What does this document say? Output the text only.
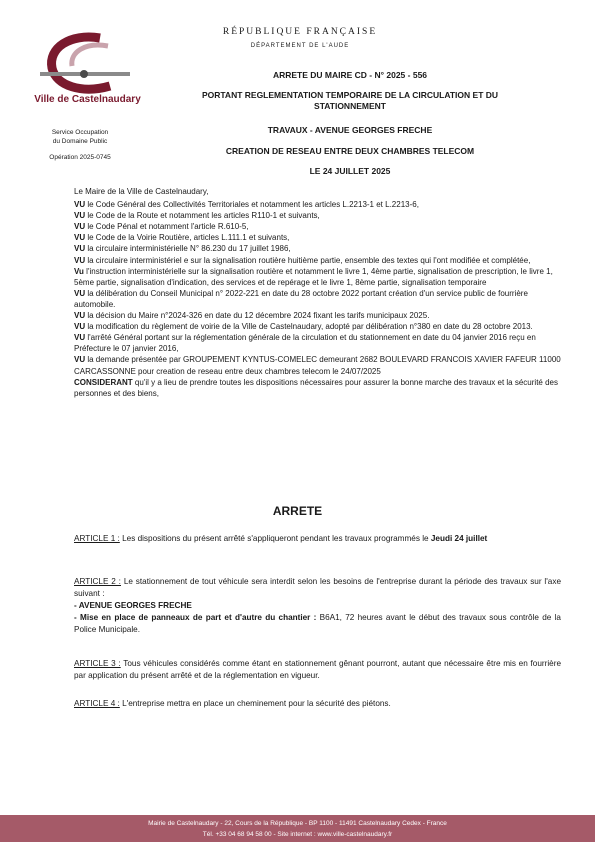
Ville de Castelnaudary
Service Occupation
du Domaine Public
Opération 2025-0745
RÉPUBLIQUE FRANÇAISE
DÉPARTEMENT DE L'AUDE
ARRETE DU MAIRE CD - N° 2025 - 556
PORTANT REGLEMENTATION TEMPORAIRE DE LA CIRCULATION ET DU
STATIONNEMENT
TRAVAUX - AVENUE GEORGES FRECHE
CREATION DE RESEAU ENTRE DEUX CHAMBRES TELECOM
LE 24 JUILLET 2025

Le Maire de la Ville de Castelnaudary,

VU le Code Général des Collectivités Territoriales et notamment les articles L.2213-1 et L.2213-6,

VU le Code de la Route et notamment les articles R110-1 et suivants,

VU le Code Pénal et notamment l'article R.610-5,

VU le Code de la Voirie Routière, articles L.111.1 et suivants,

VU la circulaire interministérielle N° 86.230 du 17 juillet 1986,

VU la circulaire interministériel e sur la signalisation routière huitième partie, ensemble des textes qui l'ont modifiée et complétée,

Vu l'instruction interministérielle sur la signalisation routière et notamment le livre 1, 4ème partie, signalisation de prescription, le livre 1, 5ème partie, signalisation d'indication, des services et de repérage et le livre 1, 8ème partie, signalisation temporaire

VU la délibération du Conseil Municipal n° 2022-221 en date du 28 octobre 2022 portant création d'un service public de fourrière automobile.

VU la décision du Maire n°2024-326 en date du 12 décembre 2024 fixant les tarifs municipaux 2025.

VU la modification du règlement de voirie de la Ville de Castelnaudary, adopté par délibération n°380 en date du 28 octobre 2013.

VU l'arrêté Général portant sur la réglementation générale de la circulation et du stationnement en date du 04 janvier 2016 reçu en Préfecture le 07 janvier 2016,

VU la demande présentée par GROUPEMENT KYNTUS-COMELEC demeurant 2682 BOULEVARD FRANCOIS XAVIER FAFEUR 11000 CARCASSONNE pour creation de reseau entre deux chambres telecom le 24/07/2025

CONSIDERANT qu'il y a lieu de prendre toutes les dispositions nécessaires pour assurer la bonne marche des travaux et la sécurité des personnes et des biens,

ARRETE
ARTICLE 1 : Les dispositions du présent arrêté s'appliqueront pendant les travaux programmés le Jeudi 24 juillet
ARTICLE 2 : Le stationnement de tout véhicule sera interdit selon les besoins de l'entreprise durant la période des travaux sur l'axe suivant :
- AVENUE GEORGES FRECHE
- Mise en place de panneaux de part et d'autre du chantier : B6A1, 72 heures avant le début des travaux sous contrôle de la Police Municipale.
ARTICLE 3 : Tous véhicules considérés comme étant en stationnement gênant pourront, autant que nécessaire être mis en fourrière par application du présent arrêté et de la réglementation en vigueur.
ARTICLE 4 : L'entreprise mettra en place un cheminement pour la sécurité des piétons.
Mairie de Castelnaudary - 22, Cours de la République - BP 1100 - 11491 Castelnaudary Cedex - France
Tél. +33 04 68 94 58 00 - Site internet : www.ville-castelnaudary.fr
